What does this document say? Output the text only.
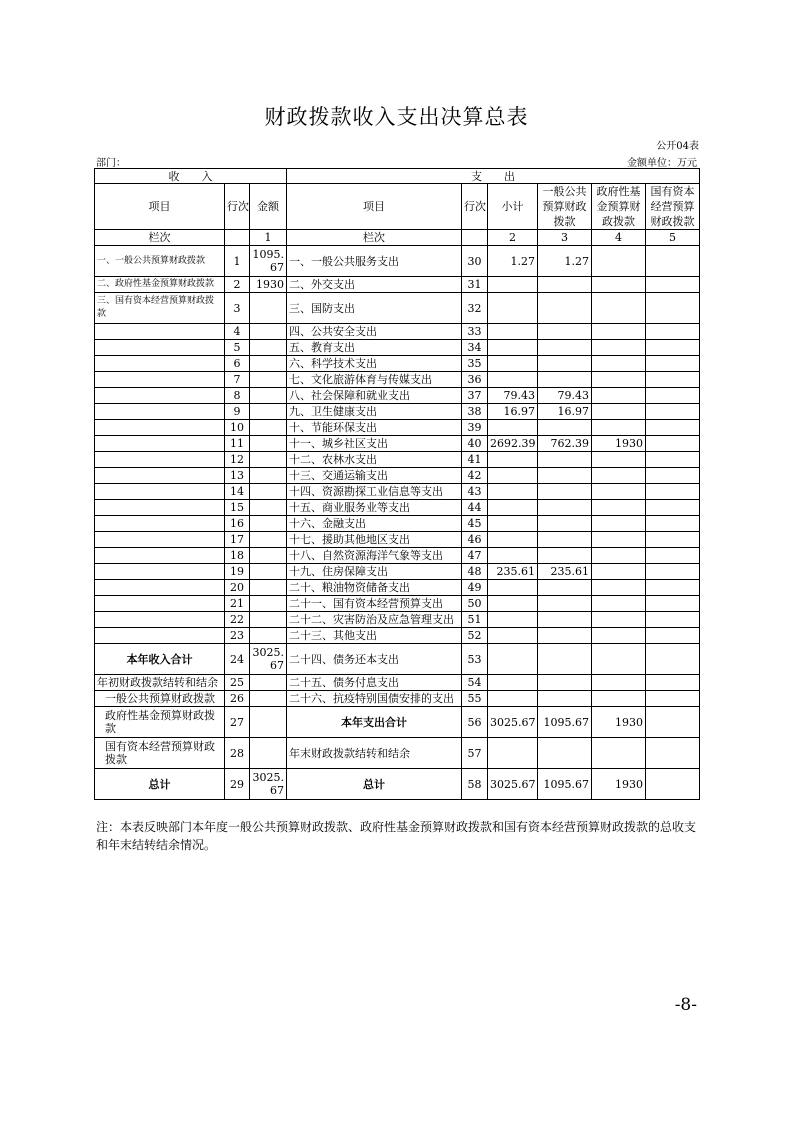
财政拨款收入支出决算总表
公开04表
部门：	金额单位：万元
收　　入			支　　出					
项目	行次	金额	项目	行次	小计	一般公共预算财政拨款	政府性基金预算财政拨款	国有资本经营预算财政拨款
栏次		1	栏次		2	3	4	5
一、一般公共预算财政拨款	1	1095.67	一、一般公共服务支出	30	1.27	1.27		
二、政府性基金预算财政拨款	2	1930	二、外交支出	31				
三、国有资本经营预算财政拨款	3		三、国防支出	32				
	4		四、公共安全支出	33				
	5		五、教育支出	34				
	6		六、科学技术支出	35				
	7		七、文化旅游体育与传媒支出	36				
	8		八、社会保障和就业支出	37	79.43	79.43		
	9		九、卫生健康支出	38	16.97	16.97		
	10		十、节能环保支出	39				
	11		十一、城乡社区支出	40	2692.39	762.39	1930	
	12		十二、农林水支出	41				
	13		十三、交通运输支出	42				
	14		十四、资源勘探工业信息等支出	43				
	15		十五、商业服务业等支出	44				
	16		十六、金融支出	45				
	17		十七、援助其他地区支出	46				
	18		十八、自然资源海洋气象等支出	47				
	19		十九、住房保障支出	48	235.61	235.61		
	20		二十、粮油物资储备支出	49				
	21		二十一、国有资本经营预算支出	50				
	22		二十二、灾害防治及应急管理支出	51				
	23		二十三、其他支出	52				
本年收入合计	24	3025.67	二十四、债务还本支出	53				
年初财政拨款结转和结余	25		二十五、债务付息支出	54				
一般公共预算财政拨款	26		二十六、抗疫特别国债安排的支出	55				
政府性基金预算财政拨款	27		本年支出合计	56	3025.67	1095.67	1930	
国有资本经营预算财政拨款	28		年末财政拨款结转和结余	57				
总计	29	3025.67	总计	58	3025.67	1095.67	1930	
注：本表反映部门本年度一般公共预算财政拨款、政府性基金预算财政拨款和国有资本经营预算财政拨款的总收支和年末结转结余情况。
-8-
